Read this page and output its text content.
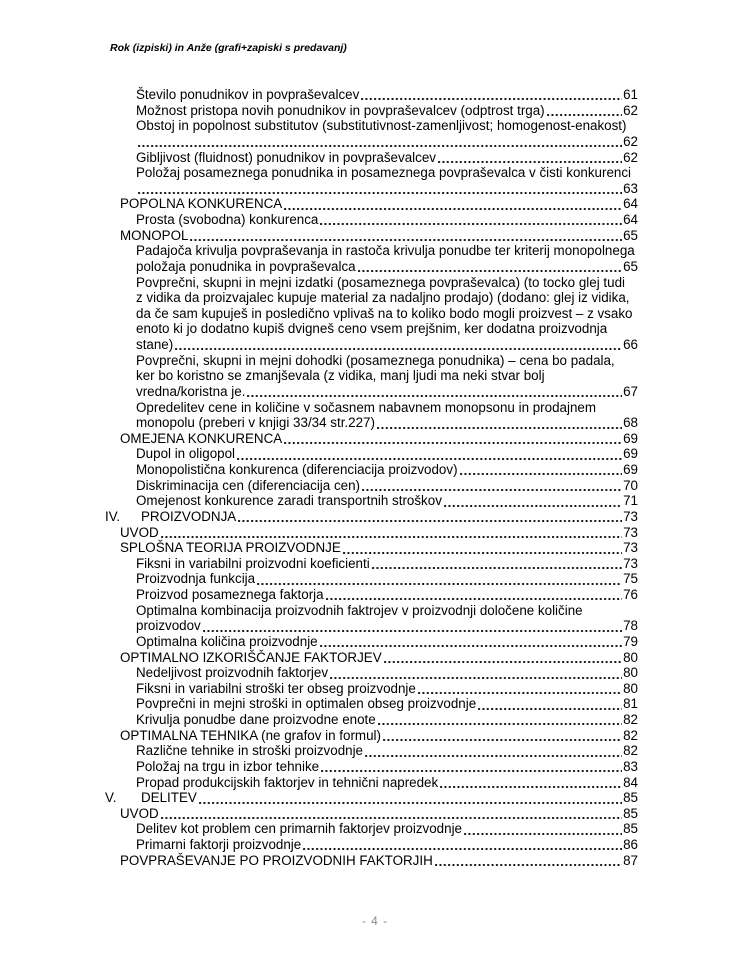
Rok (izpiski) in Anže (grafi+zapiski s predavanj)
Število ponudnikov in povpraševalcev	61
Možnost pristopa novih ponudnikov in povpraševalcev (odptrost trga)	62
Obstoj in popolnost substitutov (substitutivnost-zamenljivost; homogenost-enakost)
62
Gibljivost (fluidnost) ponudnikov in povpraševalcev	62
Položaj posameznega ponudnika in posameznega povpraševalca v čisti konkurenci
63
POPOLNA KONKURENCA	64
Prosta (svobodna) konkurenca	64
MONOPOL	65
Padajoča krivulja povpraševanja in rastoča krivulja ponudbe ter kriterij monopolnega
položaja ponudnika in povpraševalca	65
Povprečni, skupni in mejni izdatki (posameznega povpraševalca) (to tocko glej tudi
z vidika da proizvajalec kupuje material za nadaljno prodajo) (dodano: glej iz vidika,
da če sam kupuješ in posledično vplivaš na to koliko bodo mogli proizvest – z vsako
enoto ki jo dodatno kupiš dvigneš ceno vsem prejšnim, ker dodatna proizvodnja
stane)	66
Povprečni, skupni in mejni dohodki (posameznega ponudnika) – cena bo padala,
ker bo koristno se zmanjševala (z vidika, manj ljudi ma neki stvar bolj
vredna/koristna je.	67
Opredelitev cene in količine v sočasnem nabavnem monopsonu in prodajnem
monopolu (preberi v knjigi 33/34 str.227)	68
OMEJENA KONKURENCA	69
Dupol in oligopol	69
Monopolistična konkurenca (diferenciacija proizvodov)	69
Diskriminacija cen (diferenciacija cen)	70
Omejenost konkurence zaradi transportnih stroškov	71
IV.	PROIZVODNJA	73
UVOD	73
SPLOŠNA TEORIJA PROIZVODNJE	73
Fiksni in variabilni proizvodni koeficienti	73
Proizvodnja funkcija	75
Proizvod posameznega faktorja	76
Optimalna kombinacija proizvodnih faktrojev v proizvodnji določene količine
proizvodov	78
Optimalna količina proizvodnje	79
OPTIMALNO IZKORIŠČANJE FAKTORJEV	80
Nedeljivost proizvodnih faktorjev	80
Fiksni in variabilni stroški ter obseg proizvodnje	80
Povprečni in mejni stroški in optimalen obseg proizvodnje	81
Krivulja ponudbe dane proizvodne enote	82
OPTIMALNA TEHNIKA (ne grafov in formul)	82
Različne tehnike in stroški proizvodnje	82
Položaj na trgu in izbor tehnike	83
Propad produkcijskih faktorjev in tehnični napredek	84
V.	DELITEV	85
UVOD	85
Delitev kot problem cen primarnih faktorjev proizvodnje	85
Primarni faktorji proizvodnje	86
POVPRAŠEVANJE PO PROIZVODNIH FAKTORJIH	87
- 4 -
